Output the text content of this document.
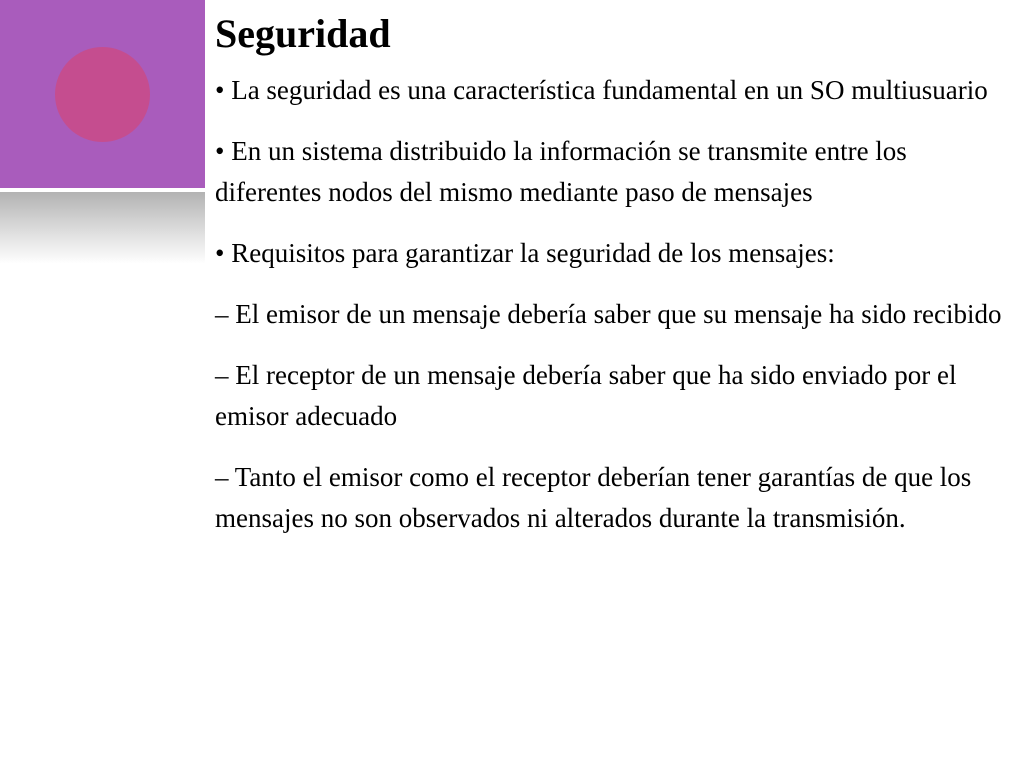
Seguridad
• La seguridad es una característica fundamental en un SO multiusuario
• En un sistema distribuido la información se transmite entre los diferentes nodos del mismo mediante paso de mensajes
• Requisitos para garantizar la seguridad de los mensajes:
– El emisor de un mensaje debería saber que su mensaje ha sido recibido
– El receptor de un mensaje debería saber que ha sido enviado por el emisor adecuado
– Tanto el emisor como el receptor deberían tener garantías de que los mensajes no son observados ni alterados durante la transmisión.
